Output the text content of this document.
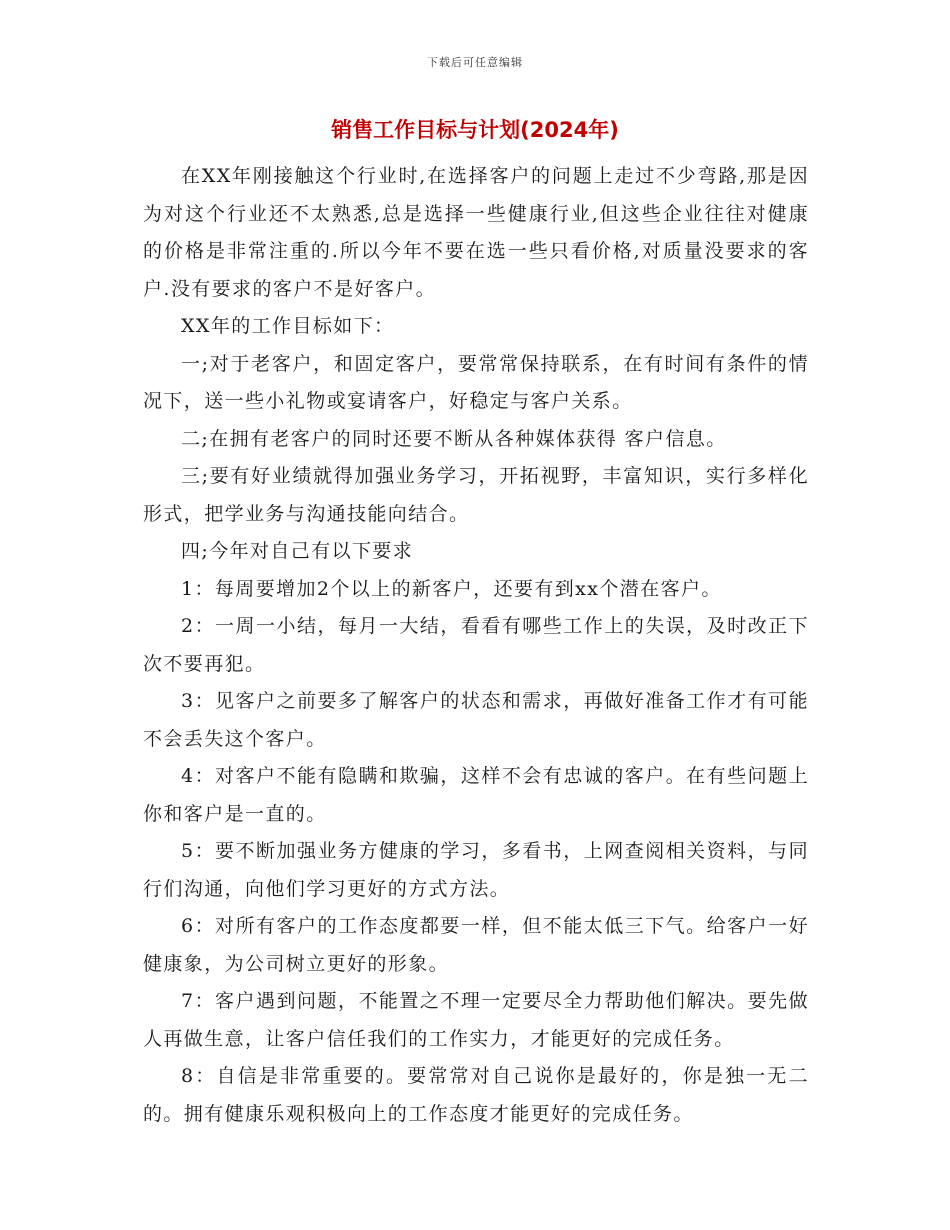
下载后可任意编辑
销售工作目标与计划(2024年)

在XX年刚接触这个行业时,在选择客户的问题上走过不少弯路,那是因为对这个行业还不太熟悉,总是选择一些健康行业,但这些企业往往对健康的价格是非常注重的.所以今年不要在选一些只看价格,对质量没要求的客户.没有要求的客户不是好客户。

XX年的工作目标如下：

一;对于老客户，和固定客户，要常常保持联系，在有时间有条件的情况下，送一些小礼物或宴请客户，好稳定与客户关系。

二;在拥有老客户的同时还要不断从各种媒体获得 客户信息。

三;要有好业绩就得加强业务学习，开拓视野，丰富知识，实行多样化形式，把学业务与沟通技能向结合。

四;今年对自己有以下要求

1：每周要增加2个以上的新客户，还要有到xx个潜在客户。

2：一周一小结，每月一大结，看看有哪些工作上的失误，及时改正下次不要再犯。

3：见客户之前要多了解客户的状态和需求，再做好准备工作才有可能不会丢失这个客户。

4：对客户不能有隐瞒和欺骗，这样不会有忠诚的客户。在有些问题上你和客户是一直的。

5：要不断加强业务方健康的学习，多看书，上网查阅相关资料，与同行们沟通，向他们学习更好的方式方法。

6：对所有客户的工作态度都要一样，但不能太低三下气。给客户一好健康象，为公司树立更好的形象。

7：客户遇到问题，不能置之不理一定要尽全力帮助他们解决。要先做人再做生意，让客户信任我们的工作实力，才能更好的完成任务。

8：自信是非常重要的。要常常对自己说你是最好的，你是独一无二的。拥有健康乐观积极向上的工作态度才能更好的完成任务。
